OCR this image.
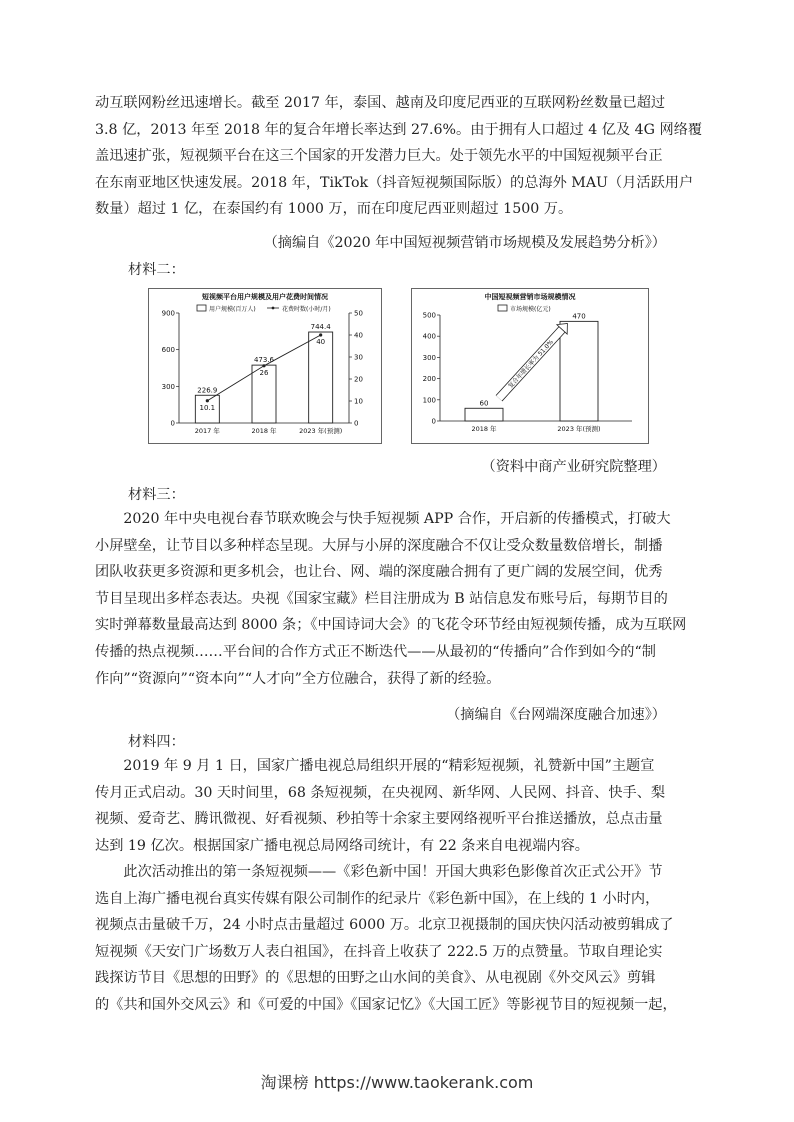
动互联网粉丝迅速增长。截至 2017 年，泰国、越南及印度尼西亚的互联网粉丝数量已超过
3.8 亿，2013 年至 2018 年的复合年增长率达到 27.6%。由于拥有人口超过 4 亿及 4G 网络覆
盖迅速扩张，短视频平台在这三个国家的开发潜力巨大。处于领先水平的中国短视频平台正
在东南亚地区快速发展。2018 年，TikTok（抖音短视频国际版）的总海外 MAU（月活跃用户
数量）超过 1 亿，在泰国约有 1000 万，而在印度尼西亚则超过 1500 万。
（摘编自《2020 年中国短视频营销市场规模及发展趋势分析》）
材料二：
短视频平台用户规模及用户花费时间情况
用户规模(百万人)	花费时数(小时/月)
0
300
600
900
0
10
20
30
40
50
226.9
2017 年
473.6
2018 年
744.4
2023 年(预测)
10.1
26
40
中国短视频营销市场规模情况
市场规模(亿元)
0
100
200
300
400
500
60
2018 年
470
2023 年(预测)
复合年增长率为 51.0%
（资料中商产业研究院整理）
材料三：
2020 年中央电视台春节联欢晚会与快手短视频 APP 合作，开启新的传播模式，打破大
小屏壁垒，让节目以多种样态呈现。大屏与小屏的深度融合不仅让受众数量数倍增长，制播
团队收获更多资源和更多机会，也让台、网、端的深度融合拥有了更广阔的发展空间，优秀
节目呈现出多样态表达。央视《国家宝藏》栏目注册成为 B 站信息发布账号后，每期节目的
实时弹幕数量最高达到 8000 条；《中国诗词大会》的飞花令环节经由短视频传播，成为互联网
传播的热点视频……平台间的合作方式正不断迭代——从最初的“传播向”合作到如今的“制
作向”“资源向”“资本向”“人才向”全方位融合，获得了新的经验。
（摘编自《台网端深度融合加速》）
材料四：
2019 年 9 月 1 日，国家广播电视总局组织开展的“精彩短视频，礼赞新中国”主题宣
传月正式启动。30 天时间里，68 条短视频，在央视网、新华网、人民网、抖音、快手、梨
视频、爱奇艺、腾讯微视、好看视频、秒拍等十余家主要网络视听平台推送播放，总点击量
达到 19 亿次。根据国家广播电视总局网络司统计，有 22 条来自电视端内容。
此次活动推出的第一条短视频——《彩色新中国！开国大典彩色影像首次正式公开》节
选自上海广播电视台真实传媒有限公司制作的纪录片《彩色新中国》，在上线的 1 小时内，
视频点击量破千万，24 小时点击量超过 6000 万。北京卫视摄制的国庆快闪活动被剪辑成了
短视频《天安门广场数万人表白祖国》，在抖音上收获了 222.5 万的点赞量。节取自理论实
践探访节目《思想的田野》的《思想的田野之山水间的美食》、从电视剧《外交风云》剪辑
的《共和国外交风云》和《可爱的中国》《国家记忆》《大国工匠》等影视节目的短视频一起，
淘课榜 https://www.taokerank.com
